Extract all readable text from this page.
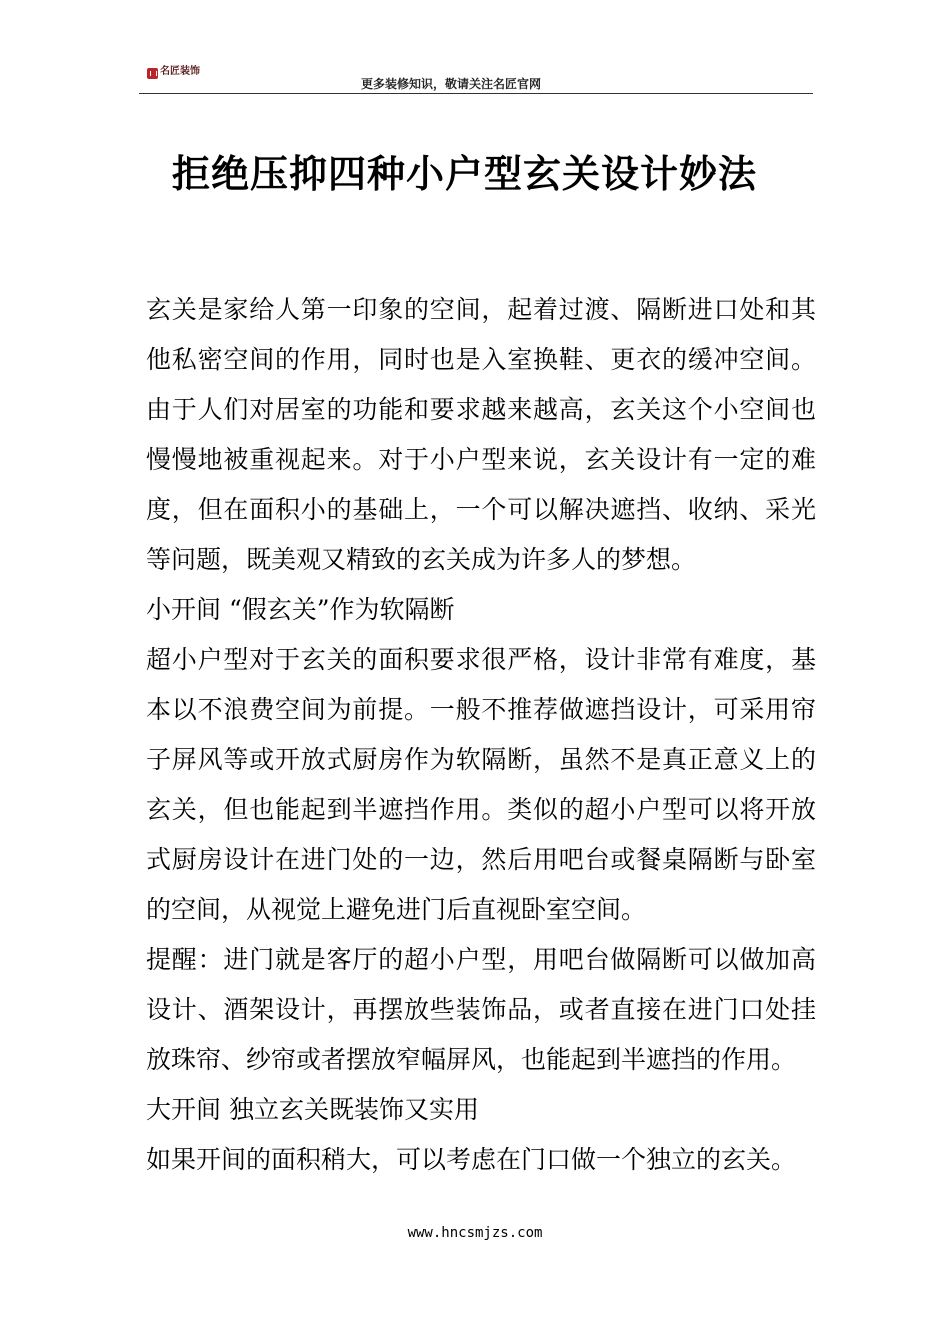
名匠装饰
更多装修知识，敬请关注名匠官网
拒绝压抑四种小户型玄关设计妙法

玄关是家给人第一印象的空间，起着过渡、隔断进口处和其他私密空间的作用，同时也是入室换鞋、更衣的缓冲空间。由于人们对居室的功能和要求越来越高，玄关这个小空间也慢慢地被重视起来。对于小户型来说，玄关设计有一定的难度，但在面积小的基础上，一个可以解决遮挡、收纳、采光等问题，既美观又精致的玄关成为许多人的梦想。

小开间 “假玄关”作为软隔断

超小户型对于玄关的面积要求很严格，设计非常有难度，基本以不浪费空间为前提。一般不推荐做遮挡设计，可采用帘子屏风等或开放式厨房作为软隔断，虽然不是真正意义上的玄关，但也能起到半遮挡作用。类似的超小户型可以将开放式厨房设计在进门处的一边，然后用吧台或餐桌隔断与卧室的空间，从视觉上避免进门后直视卧室空间。

提醒：进门就是客厅的超小户型，用吧台做隔断可以做加高设计、酒架设计，再摆放些装饰品，或者直接在进门口处挂放珠帘、纱帘或者摆放窄幅屏风，也能起到半遮挡的作用。

大开间 独立玄关既装饰又实用

如果开间的面积稍大，可以考虑在门口做一个独立的玄关。

www.hncsmjzs.com
